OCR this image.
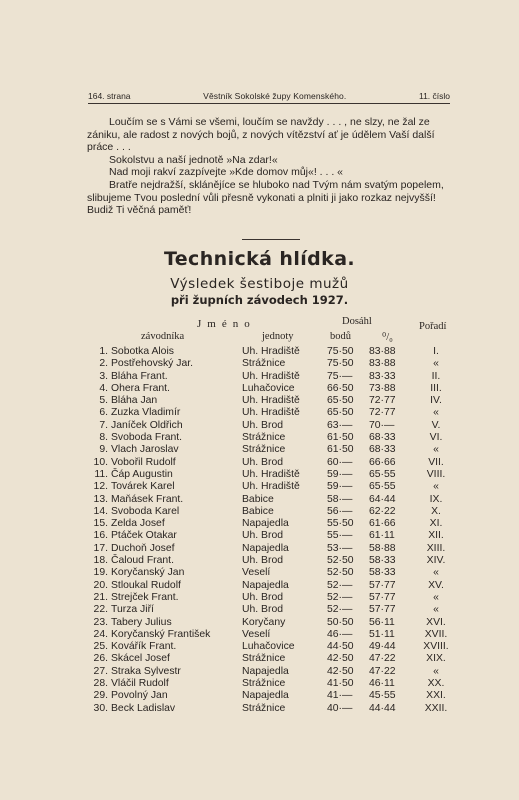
164. strana	Věstník Sokolské župy Komenského.	11. číslo

Loučím se s Vámi se všemi, loučím se navždy . . . , ne slzy, ne žal ze zániku, ale radost z nových bojů, z nových vítězství ať je údělem Vaší další práce . . .

Sokolstvu a naší jednotě »Na zdar!«

Nad moji rakví zazpívejte »Kde domov můj«! . . . «

Bratře nejdražší, sklánějíce se hluboko nad Tvým nám svatým popelem, slibujeme Tvou poslední vůli přesně vykonati a plniti ji jako rozkaz nejvyšší! Budiž Ti věčná paměť!

Technická hlídka.
Výsledek šestiboje mužů
při župních závodech 1927.
Jméno	Dosáhl	Pořadí
závodníka	jednoty	bodů	⁰/₀
1.	Sobotka Alois	Uh. Hradiště	75·50	83·88	I.
2.	Postřehovský Jar.	Strážnice	75·50	83·88	«
3.	Bláha Frant.	Uh. Hradiště	75·—	83·33	II.
4.	Ohera Frant.	Luhačovice	66·50	73·88	III.
5.	Bláha Jan	Uh. Hradiště	65·50	72·77	IV.
6.	Zuzka Vladimír	Uh. Hradiště	65·50	72·77	«
7.	Janíček Oldřich	Uh. Brod	63·—	70·—	V.
8.	Svoboda Frant.	Strážnice	61·50	68·33	VI.
9.	Vlach Jaroslav	Strážnice	61·50	68·33	«
10.	Vobořil Rudolf	Uh. Brod	60·—	66·66	VII.
11.	Čáp Augustin	Uh. Hradiště	59·—	65·55	VIII.
12.	Továrek Karel	Uh. Hradiště	59·—	65·55	«
13.	Maňásek Frant.	Babice	58·—	64·44	IX.
14.	Svoboda Karel	Babice	56·—	62·22	X.
15.	Zelda Josef	Napajedla	55·50	61·66	XI.
16.	Ptáček Otakar	Uh. Brod	55·—	61·11	XII.
17.	Duchoň Josef	Napajedla	53·—	58·88	XIII.
18.	Čaloud Frant.	Uh. Brod	52·50	58·33	XIV.
19.	Koryčanský Jan	Veselí	52·50	58·33	«
20.	Stloukal Rudolf	Napajedla	52·—	57·77	XV.
21.	Strejček Frant.	Uh. Brod	52·—	57·77	«
22.	Turza Jiří	Uh. Brod	52·—	57·77	«
23.	Tabery Julius	Koryčany	50·50	56·11	XVI.
24.	Koryčanský František	Veselí	46·—	51·11	XVII.
25.	Kovářík Frant.	Luhačovice	44·50	49·44	XVIII.
26.	Skácel Josef	Strážnice	42·50	47·22	XIX.
27.	Straka Sylvestr	Napajedla	42·50	47·22	«
28.	Vláčil Rudolf	Strážnice	41·50	46·11	XX.
29.	Povolný Jan	Napajedla	41·—	45·55	XXI.
30.	Beck Ladislav	Strážnice	40·—	44·44	XXII.
